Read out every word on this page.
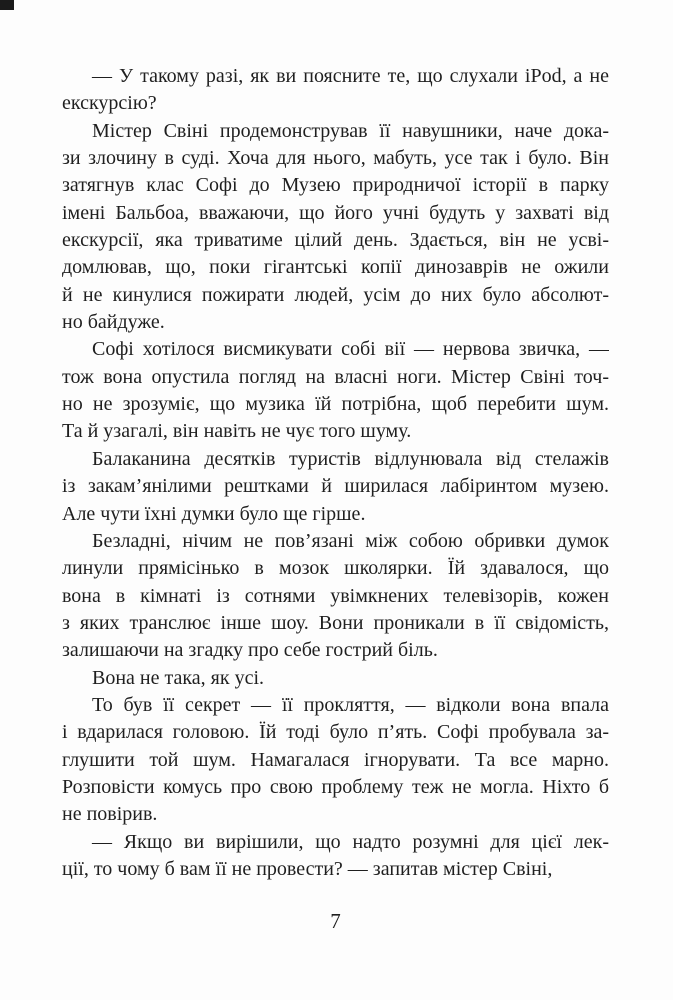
— У такому разі, як ви поясните те, що слухали iPod, а не
екскурсію?
Містер Свіні продемонстрував її навушники, наче дока-
зи злочину в суді. Хоча для нього, мабуть, усе так і було. Він
затягнув клас Софі до Музею природничої історії в парку
імені Бальбоа, вважаючи, що його учні будуть у захваті від
екскурсії, яка триватиме цілий день. Здається, він не усві-
домлював, що, поки гігантські копії динозаврів не ожили
й не кинулися пожирати людей, усім до них було абсолют-
но байдуже.
Софі хотілося висмикувати собі вії — нервова звичка, —
тож вона опустила погляд на власні ноги. Містер Свіні точ-
но не зрозуміє, що музика їй потрібна, щоб перебити шум.
Та й узагалі, він навіть не чує того шуму.
Балаканина десятків туристів відлунювала від стелажів
із закам’янілими рештками й ширилася лабіринтом музею.
Але чути їхні думки було ще гірше.
Безладні, нічим не пов’язані між собою обривки думок
линули прямісінько в мозок школярки. Їй здавалося, що
вона в кімнаті із сотнями увімкнених телевізорів, кожен
з яких транслює інше шоу. Вони проникали в її свідомість,
залишаючи на згадку про себе гострий біль.
Вона не така, як усі.
То був її секрет — її прокляття, — відколи вона впала
і вдарилася головою. Їй тоді було п’ять. Софі пробувала за-
глушити той шум. Намагалася ігнорувати. Та все марно.
Розповісти комусь про свою проблему теж не могла. Ніхто б
не повірив.
— Якщо ви вирішили, що надто розумні для цієї лек-
ції, то чому б вам її не провести? — запитав містер Свіні,
7
